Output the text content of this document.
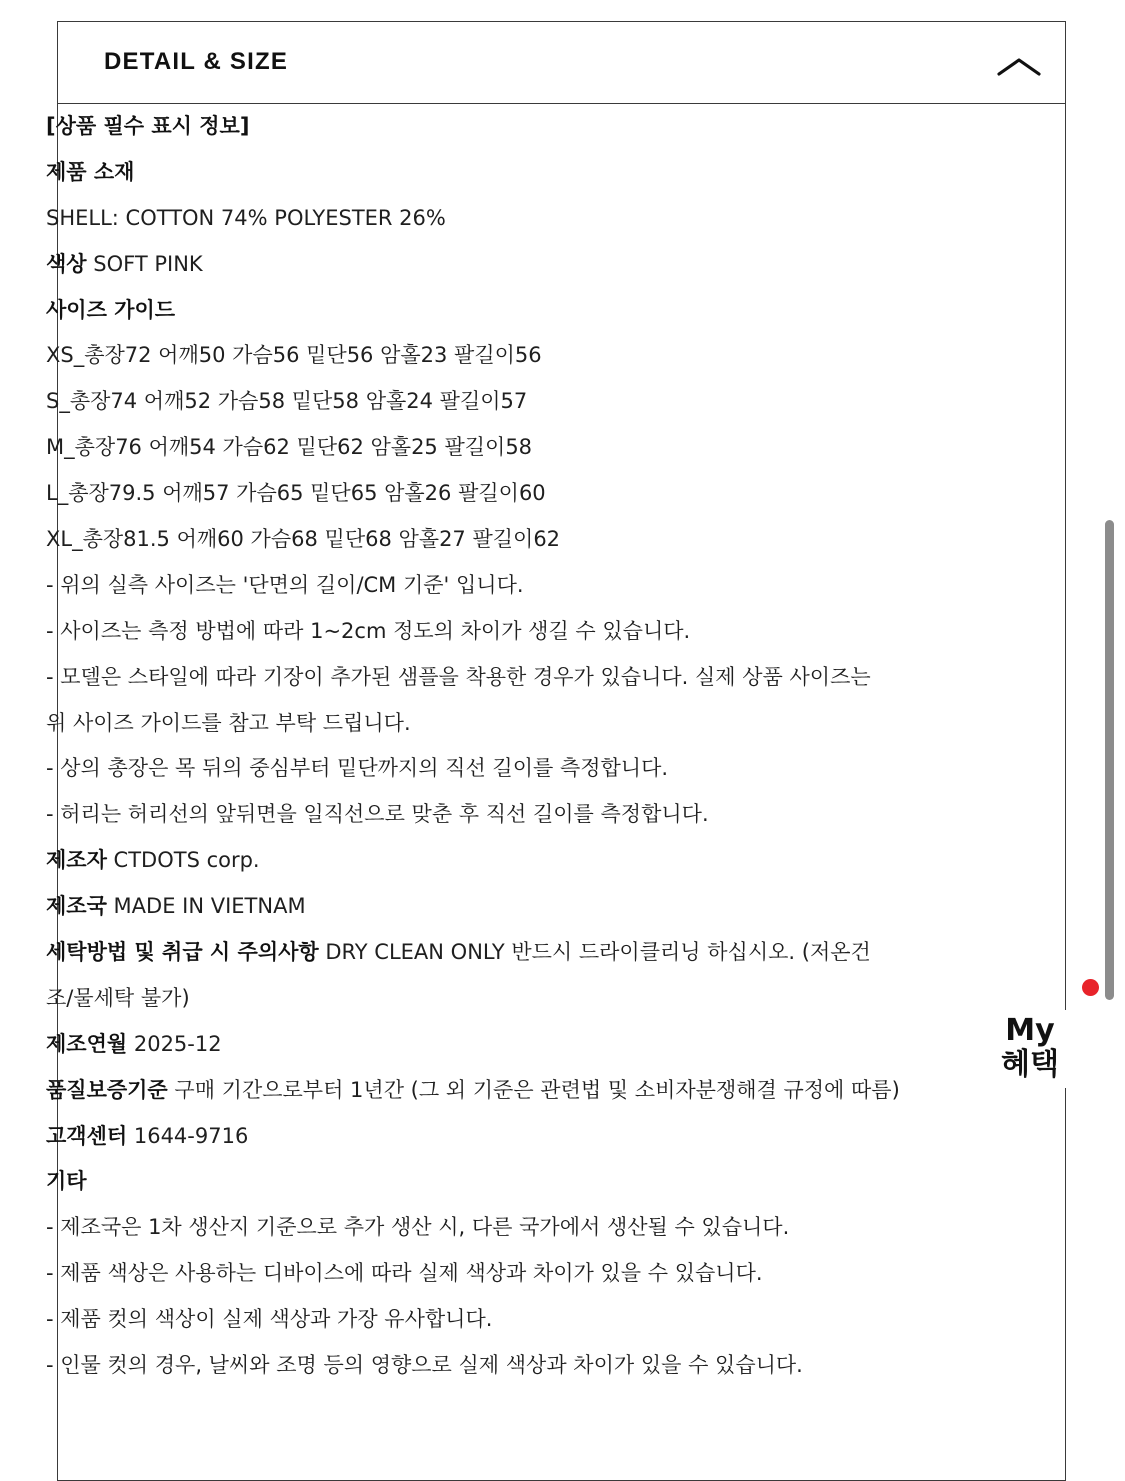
DETAIL & SIZE
[상품 필수 표시 정보]
제품 소재
SHELL: COTTON 74% POLYESTER 26%
색상 SOFT PINK
사이즈 가이드
XS_총장72 어깨50 가슴56 밑단56 암홀23 팔길이56
S_총장74 어깨52 가슴58 밑단58 암홀24 팔길이57
M_총장76 어깨54 가슴62 밑단62 암홀25 팔길이58
L_총장79.5 어깨57 가슴65 밑단65 암홀26 팔길이60
XL_총장81.5 어깨60 가슴68 밑단68 암홀27 팔길이62
- 위의 실측 사이즈는 '단면의 길이/CM 기준' 입니다.
- 사이즈는 측정 방법에 따라 1~2cm 정도의 차이가 생길 수 있습니다.
- 모델은 스타일에 따라 기장이 추가된 샘플을 착용한 경우가 있습니다. 실제 상품 사이즈는
위 사이즈 가이드를 참고 부탁 드립니다.
- 상의 총장은 목 뒤의 중심부터 밑단까지의 직선 길이를 측정합니다.
- 허리는 허리선의 앞뒤면을 일직선으로 맞춘 후 직선 길이를 측정합니다.
제조자 CTDOTS corp.
제조국 MADE IN VIETNAM
세탁방법 및 취급 시 주의사항 DRY CLEAN ONLY 반드시 드라이클리닝 하십시오. (저온건
조/물세탁 불가)
제조연월 2025-12
품질보증기준 구매 기간으로부터 1년간 (그 외 기준은 관련법 및 소비자분쟁해결 규정에 따름)
고객센터 1644-9716
기타
- 제조국은 1차 생산지 기준으로 추가 생산 시, 다른 국가에서 생산될 수 있습니다.
- 제품 색상은 사용하는 디바이스에 따라 실제 색상과 차이가 있을 수 있습니다.
- 제품 컷의 색상이 실제 색상과 가장 유사합니다.
- 인물 컷의 경우, 날씨와 조명 등의 영향으로 실제 색상과 차이가 있을 수 있습니다.
My
혜택
